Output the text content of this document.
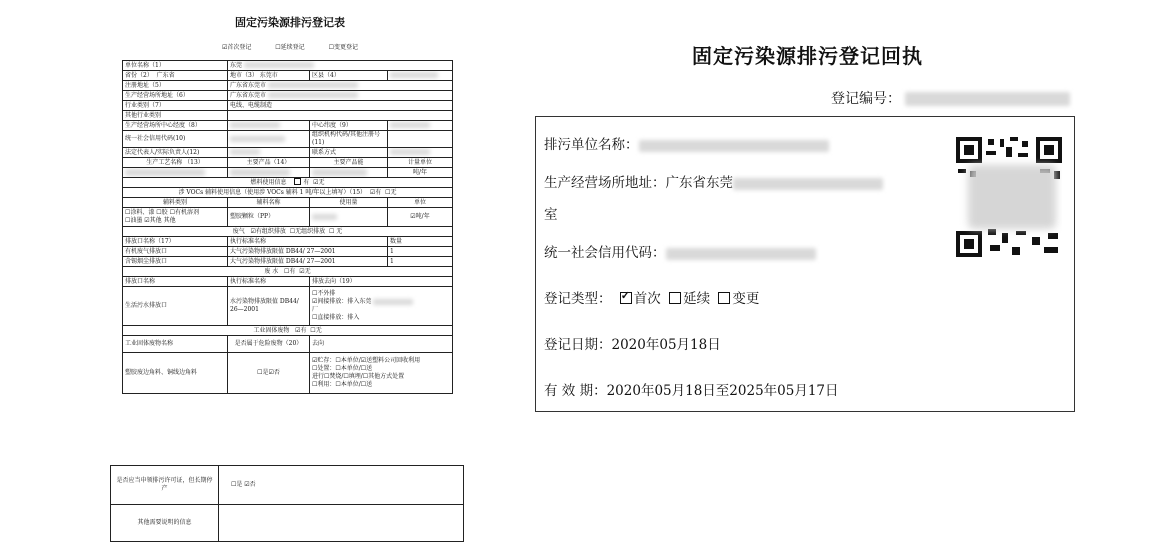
固定污染源排污登记表
☑首次登记	☐延续登记	☐变更登记
单位名称（1）	东莞		
省份（2） 广东省	地市（3） 东莞市	区县（4）	
注册地址（5）	广东省东莞市		
生产经营场所地址（6）	广东省东莞市		
行业类别（7）	电线、电缆制造		
其他行业类别			
生产经营场所中心经度（8）		中心纬度（9）	
统一社会信用代码(10)		组织机构代码/其他注册号(11)	
法定代表人/实际负责人(12)		联系方式	
生产工艺名称 （13）	主要产品（14）	主要产品能	计量单位
			吨/年
燃料使用信息 有 ☑无			
涉 VOCs 辅料使用信息（使用涉 VOCs 辅料 1 吨/年以上填写）（15） ☑有 ☐无			
辅料类别	辅料名称	使用量	单位
☐涂料、漆 ☐胶 ☐有机溶剂
☐油墨 ☑其他 其他	塑胶颗粒（PP）		☑吨/年
废气 ☑有组织排放 ☐无组织排放 ☐ 无			
排放口名称（17）	执行标准名称		数量
有机废气排放口	大气污染物排放限值 DB44/ 27—2001		1
含锡烟尘排放口	大气污染物排放限值 DB44/ 27—2001		1
废 水 ☐有 ☑无			
排放口名称	执行标准名称	排放去向（19）	
生活污水排放口	水污染物排放限值 DB44/ 26—2001	☐不外排
☑间接排放：排入东莞
厂
☐直接排放：排入	
工业固体废物 ☑有 ☐无			
工业固体废物名称	是否属于危险废物（20）	去向	
塑胶废边角料、铜线边角料	☐是☑否	☑贮存：☐本单位/☑送塑料公司回收利用
☐处置：☐本单位/☐送
进行☐焚烧/☐填埋/☐其他方式处置
☐利用：☐本单位/☐送	
是否应当申领排污许可证，但长期停产	☐是 ☑否
其他需要说明的信息	
固定污染源排污登记回执
登记编号：
排污单位名称：
生产经营场所地址：广东省东莞
室
统一社会信用代码：
登记类型： ✓ 首次 延续 变更
登记日期：2020年05月18日
有 效 期：2020年05月18日至2025年05月17日
